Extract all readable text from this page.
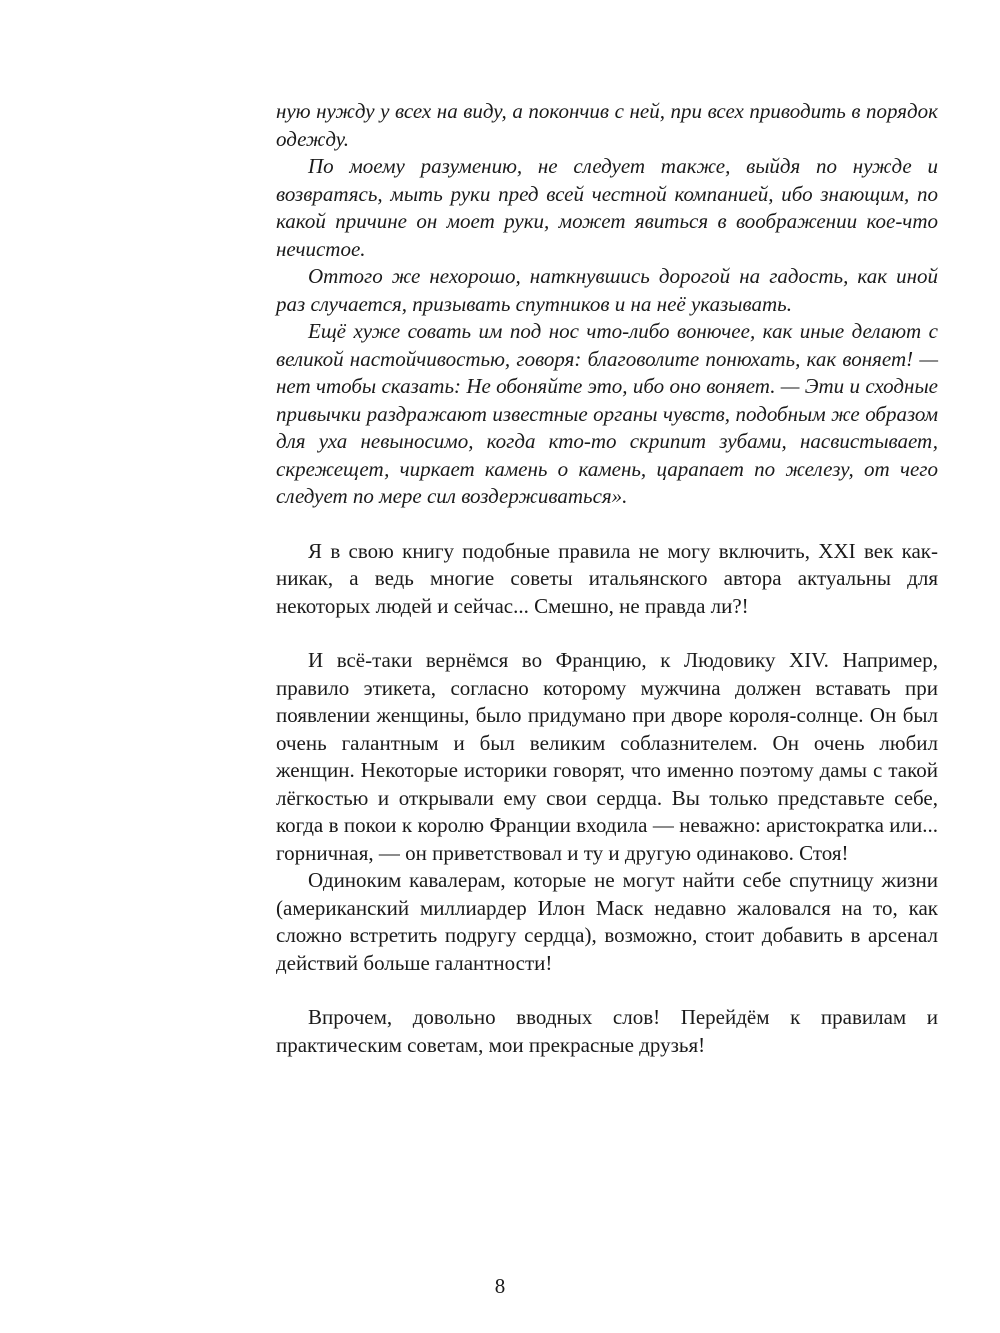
ную нужду у всех на виду, а покончив с ней, при всех приводить в порядок одежду.

По моему разумению, не следует также, выйдя по нужде и возвратясь, мыть руки пред всей честной компанией, ибо знающим, по какой причине он моет руки, может явиться в воображении кое-что нечистое.

Оттого же нехорошо, наткнувшись дорогой на гадость, как иной раз случается, призывать спутников и на неё указывать.

Ещё хуже совать им под нос что-либо вонючее, как иные делают с великой настойчивостью, говоря: благоволите понюхать, как воняет! — нет чтобы сказать: Не обоняйте это, ибо оно воняет. — Эти и сходные привычки раздражают известные органы чувств, подобным же образом для уха невыносимо, когда кто-то скрипит зубами, насвистывает, скрежещет, чиркает камень о камень, царапает по железу, от чего следует по мере сил воздерживаться».

Я в свою книгу подобные правила не могу включить, XXI век как-никак, а ведь многие советы итальянского автора актуальны для некоторых людей и сейчас... Смешно, не правда ли?!

И всё-таки вернёмся во Францию, к Людовику XIV. Например, правило этикета, согласно которому мужчина должен вставать при появлении женщины, было придумано при дворе короля-солнце. Он был очень галантным и был великим соблазнителем. Он очень любил женщин. Некоторые историки говорят, что именно поэтому дамы с такой лёгкостью и открывали ему свои сердца. Вы только представьте себе, когда в покои к королю Франции входила — неважно: аристократка или... горничная, — он приветствовал и ту и другую одинаково. Стоя!

Одиноким кавалерам, которые не могут найти себе спутницу жизни (американский миллиардер Илон Маск недавно жаловался на то, как сложно встретить подругу сердца), возможно, стоит добавить в арсенал действий больше галантности!

Впрочем, довольно вводных слов! Перейдём к правилам и практическим советам, мои прекрасные друзья!

8
